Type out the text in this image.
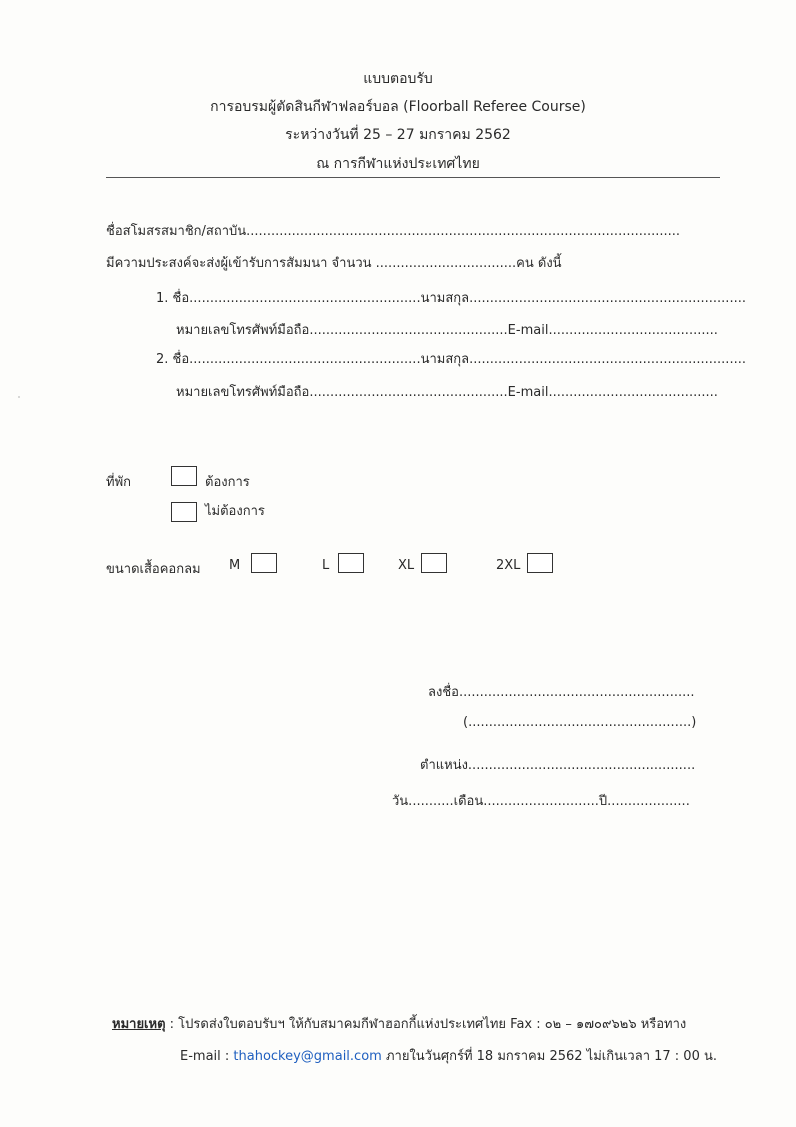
แบบตอบรับ
การอบรมผู้ตัดสินกีฬาฟลอร์บอล (Floorball Referee Course)
ระหว่างวันที่ 25 – 27 มกราคม 2562
ณ การกีฬาแห่งประเทศไทย
ชื่อสโมสรสมาชิก/สถาบัน.........................................................................................................
มีความประสงค์จะส่งผู้เข้ารับการสัมมนา จำนวน ..................................คน ดังนี้
1. ชื่อ........................................................นามสกุล...................................................................
หมายเลขโทรศัพท์มือถือ................................................E-mail.........................................
2. ชื่อ........................................................นามสกุล...................................................................
หมายเลขโทรศัพท์มือถือ................................................E-mail.........................................
ที่พัก	ต้องการ
ไม่ต้องการ
ขนาดเสื้อคอกลม M	L	XL	2XL
ลงชื่อ.........................................................
(......................................................)
ตำแหน่ง.......................................................
วัน...........เดือน............................ปี....................
หมายเหตุ : โปรดส่งใบตอบรับฯ ให้กับสมาคมกีฬาฮอกกี้แห่งประเทศไทย Fax : ๐๒ – ๑๗๐๙๖๒๖ หรือทาง
E-mail : thahockey@gmail.com ภายในวันศุกร์ที่ 18 มกราคม 2562 ไม่เกินเวลา 17 : 00 น.
